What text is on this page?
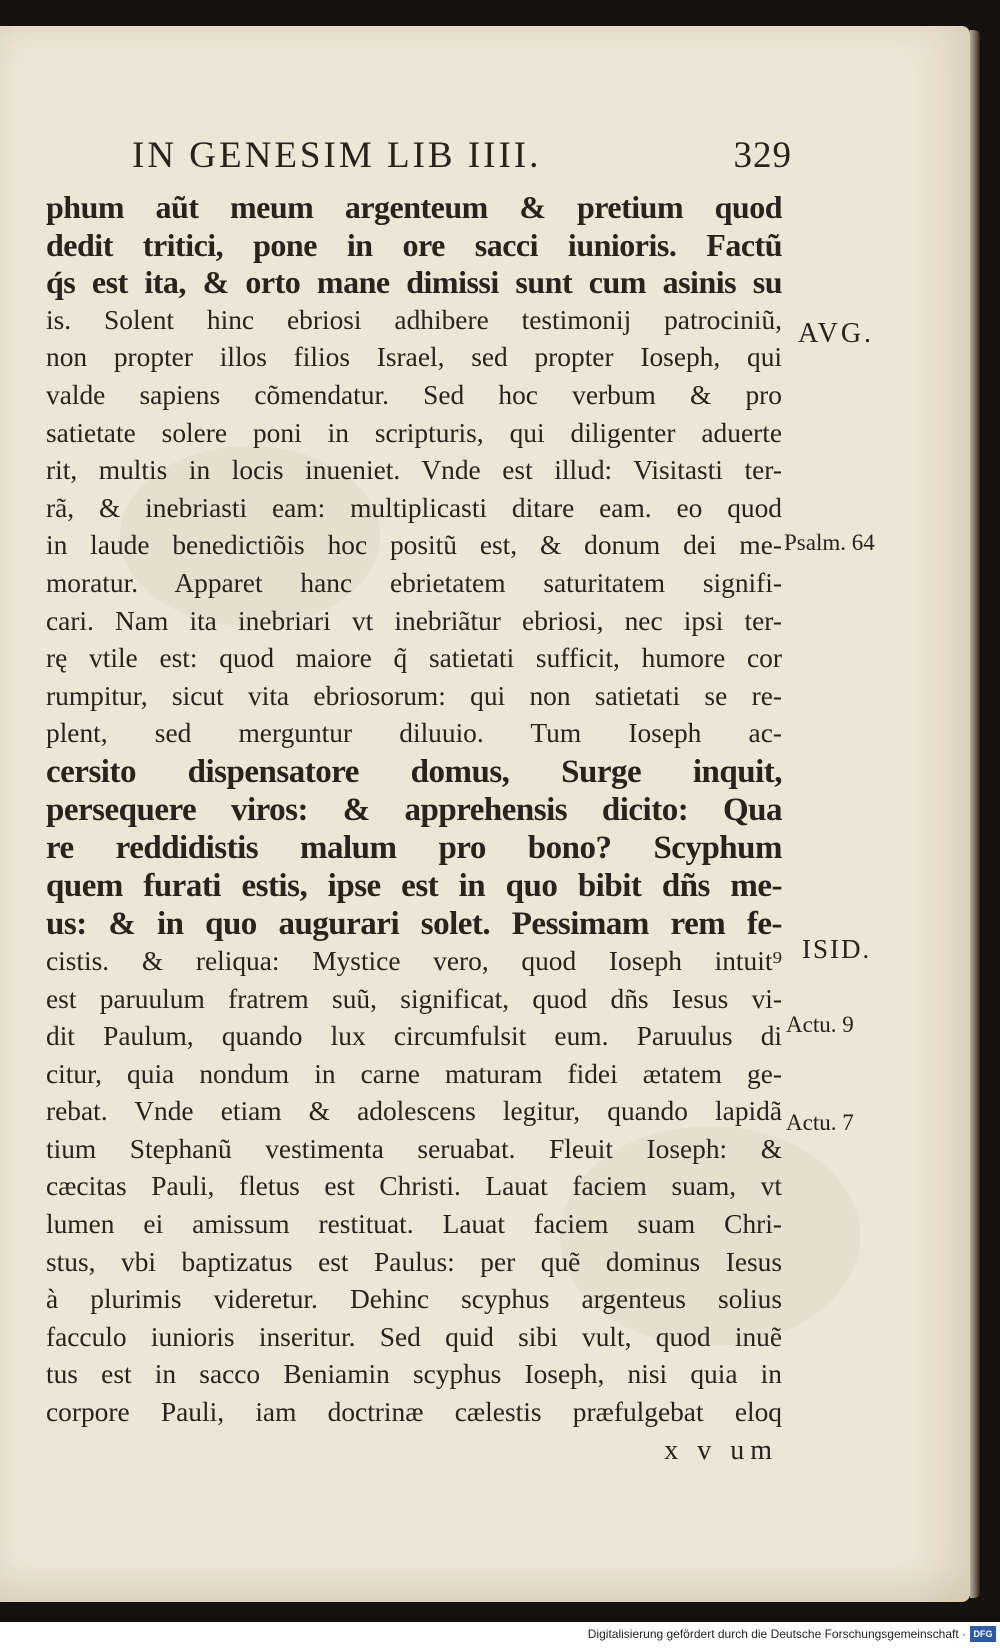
IN GENESIM LIB IIII.	329
phum aũt meum argenteum & pretium quod
dedit tritici, pone in ore sacci iunioris. Factũ
q́s est ita, & orto mane dimissi sunt cum asinis su
is. Solent hinc ebriosi adhibere testimonij patrociniũ,
non propter illos filios Israel, sed propter Ioseph, qui
valde sapiens cõmendatur. Sed hoc verbum & pro
satietate solere poni in scripturis, qui diligenter aduerte
rit, multis in locis inueniet. Vnde est illud: Visitasti ter-
rã, & inebriasti eam: multiplicasti ditare eam. eo quod
in laude benedictiõis hoc positũ est, & donum dei me-
moratur. Apparet hanc ebrietatem saturitatem signifi-
cari. Nam ita inebriari vt inebriãtur ebriosi, nec ipsi ter-
rę vtile est: quod maiore q̃ satietati sufficit, humore cor
rumpitur, sicut vita ebriosorum: qui non satietati se re-
plent, sed merguntur diluuio. Tum Ioseph ac-
cersito dispensatore domus, Surge inquit,
persequere viros: & apprehensis dicito: Qua
re reddidistis malum pro bono? Scyphum
quem furati estis, ipse est in quo bibit dñs me-
us: & in quo augurari solet. Pessimam rem fe-
cistis. & reliqua: Mystice vero, quod Ioseph intuit⁹
est paruulum fratrem suũ, significat, quod dñs Iesus vi-
dit Paulum, quando lux circumfulsit eum. Paruulus di
citur, quia nondum in carne maturam fidei ætatem ge-
rebat. Vnde etiam & adolescens legitur, quando lapidã
tium Stephanũ vestimenta seruabat. Fleuit Ioseph: &
cæcitas Pauli, fletus est Christi. Lauat faciem suam, vt
lumen ei amissum restituat. Lauat faciem suam Chri-
stus, vbi baptizatus est Paulus: per quẽ dominus Iesus
à plurimis videretur. Dehinc scyphus argenteus solius
facculo iunioris inseritur. Sed quid sibi vult, quod inuẽ
tus est in sacco Beniamin scyphus Ioseph, nisi quia in
corpore Pauli, iam doctrinæ cælestis præfulgebat eloq
x v um
AVG.
Psalm. 64
ISID.
Actu. 9
Actu. 7
Digitalisierung gefördert durch die Deutsche Forschungsgemeinschaft · DFG
